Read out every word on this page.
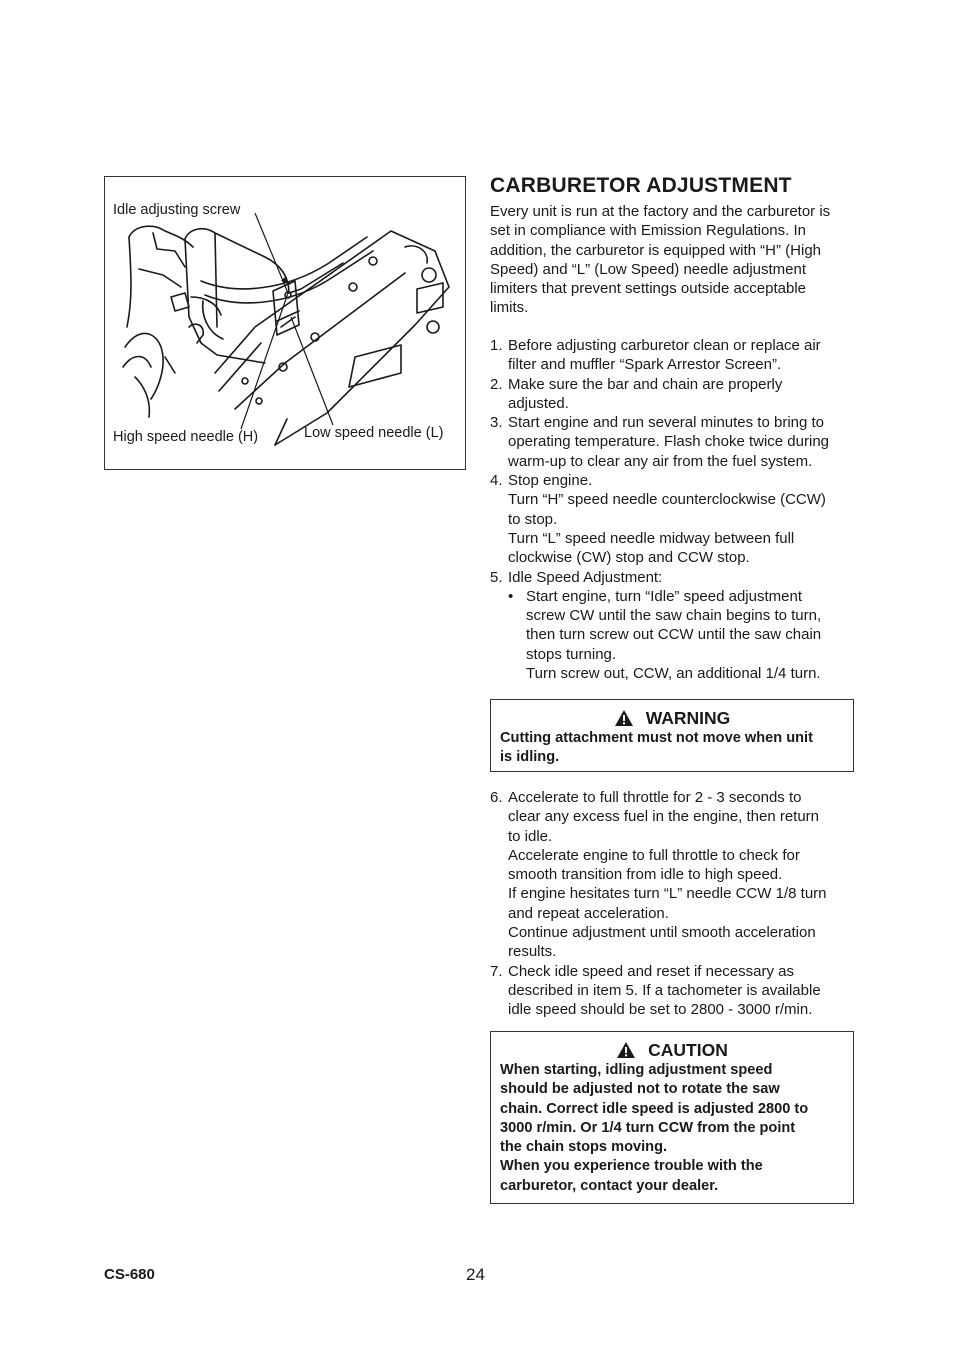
Idle adjusting screw
High speed needle (H)	Low speed needle (L)
CARBURETOR ADJUSTMENT
Every unit is run at the factory and the carburetor is
set in compliance with Emission Regulations. In
addition, the carburetor is equipped with “H” (High
Speed) and “L” (Low Speed) needle adjustment
limiters that prevent settings outside acceptable
limits.
1. Before adjusting carburetor clean or replace air
filter and muffler “Spark Arrestor Screen”.
2. Make sure the bar and chain are properly
adjusted.
3. Start engine and run several minutes to bring to
operating temperature. Flash choke twice during
warm-up to clear any air from the fuel system.
4. Stop engine.
Turn “H” speed needle counterclockwise (CCW)
to stop.
Turn “L” speed needle midway between full
clockwise (CW) stop and CCW stop.
5. Idle Speed Adjustment:
• Start engine, turn “Idle” speed adjustment
screw CW until the saw chain begins to turn,
then turn screw out CCW until the saw chain
stops turning.
Turn screw out, CCW, an additional 1/4 turn.
WARNING
Cutting attachment must not move when unit
is idling.
6. Accelerate to full throttle for 2 - 3 seconds to
clear any excess fuel in the engine, then return
to idle.
Accelerate engine to full throttle to check for
smooth transition from idle to high speed.
If engine hesitates turn “L” needle CCW 1/8 turn
and repeat acceleration.
Continue adjustment until smooth acceleration
results.
7. Check idle speed and reset if necessary as
described in item 5. If a tachometer is available
idle speed should be set to 2800 - 3000 r/min.
CAUTION
When starting, idling adjustment speed
should be adjusted not to rotate the saw
chain. Correct idle speed is adjusted 2800 to
3000 r/min. Or 1/4 turn CCW from the point
the chain stops moving.
When you experience trouble with the
carburetor, contact your dealer.
CS-680	24
